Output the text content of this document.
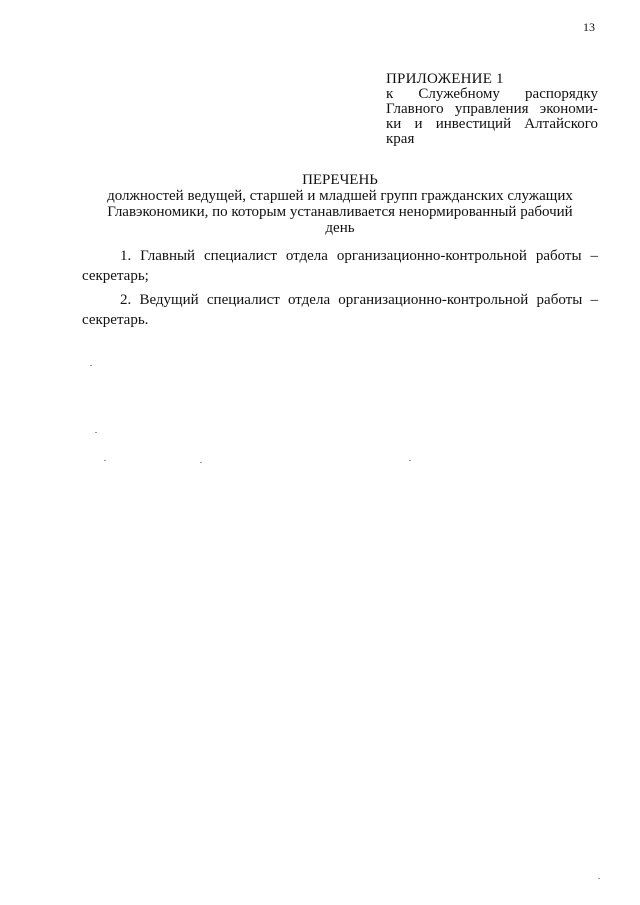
13
ПРИЛОЖЕНИЕ 1
к Служебному распорядку
Главного управления экономи-
ки и инвестиций Алтайского
края
ПЕРЕЧЕНЬ
должностей ведущей, старшей и младшей групп гражданских служащих
Главэкономики, по которым устанавливается ненормированный рабочий
день

1. Главный специалист отдела организационно-контрольной работы – секретарь;

2. Ведущий специалист отдела организационно-контрольной работы – секретарь.
